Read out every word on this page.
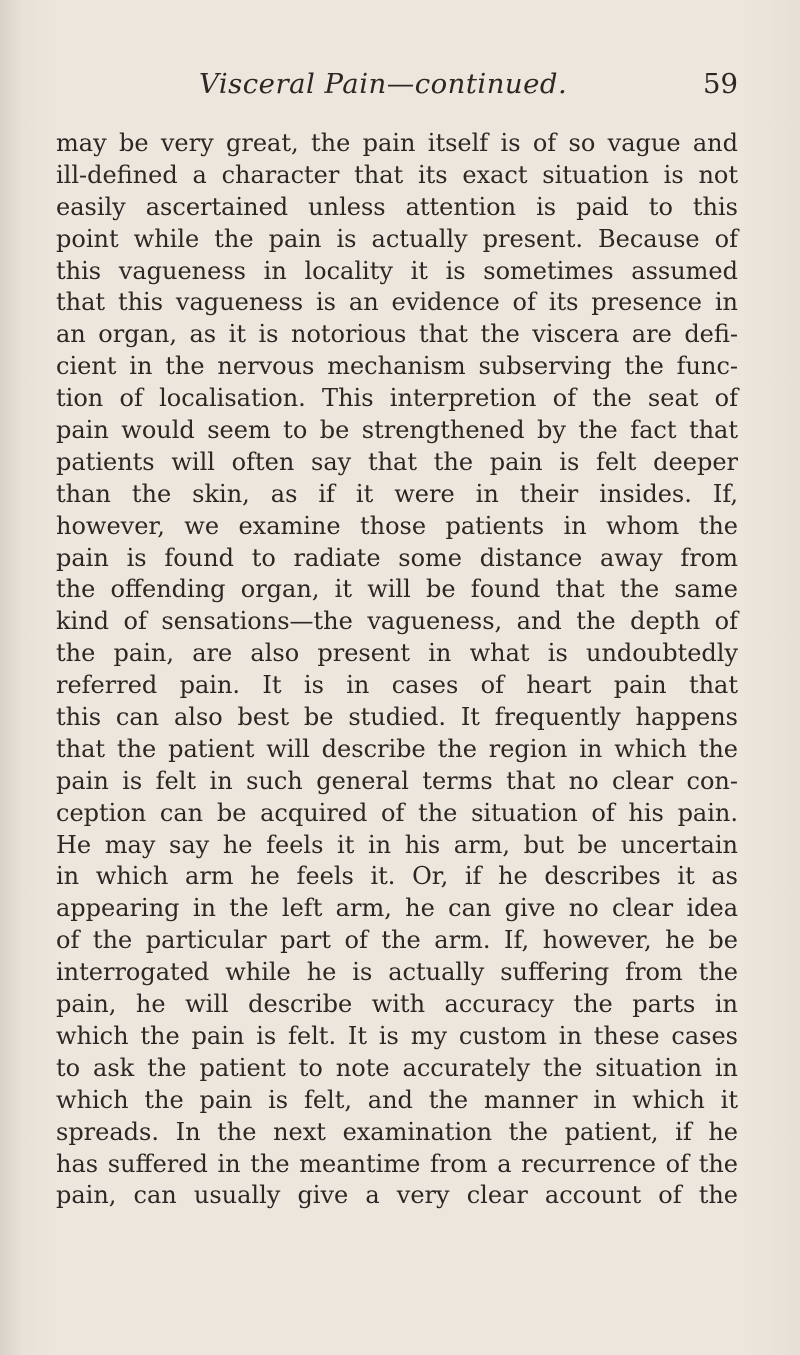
Visceral Pain—continued.	59
may be very great, the pain itself is of so vague and
ill-defined a character that its exact situation is not
easily ascertained unless attention is paid to this
point while the pain is actually present. Because of
this vagueness in locality it is sometimes assumed
that this vagueness is an evidence of its presence in
an organ, as it is notorious that the viscera are defi-
cient in the nervous mechanism subserving the func-
tion of localisation. This interpretion of the seat of
pain would seem to be strengthened by the fact that
patients will often say that the pain is felt deeper
than the skin, as if it were in their insides. If,
however, we examine those patients in whom the
pain is found to radiate some distance away from
the offending organ, it will be found that the same
kind of sensations—the vagueness, and the depth of
the pain, are also present in what is undoubtedly
referred pain. It is in cases of heart pain that
this can also best be studied. It frequently happens
that the patient will describe the region in which the
pain is felt in such general terms that no clear con-
ception can be acquired of the situation of his pain.
He may say he feels it in his arm, but be uncertain
in which arm he feels it. Or, if he describes it as
appearing in the left arm, he can give no clear idea
of the particular part of the arm. If, however, he be
interrogated while he is actually suffering from the
pain, he will describe with accuracy the parts in
which the pain is felt. It is my custom in these cases
to ask the patient to note accurately the situation in
which the pain is felt, and the manner in which it
spreads. In the next examination the patient, if he
has suffered in the meantime from a recurrence of the
pain, can usually give a very clear account of the
